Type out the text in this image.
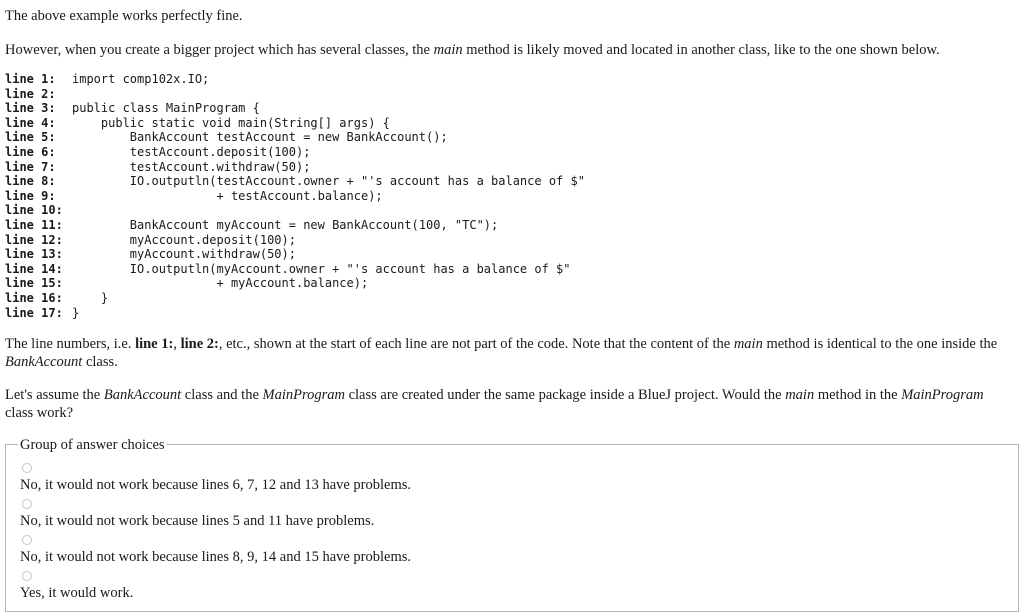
The above example works perfectly fine.
However, when you create a bigger project which has several classes, the main method is likely moved and located in another class, like to the one shown below.
line 1:	import comp102x.IO;
line 2:
line 3:	public class MainProgram {
line 4:	public static void main(String[] args) {
line 5:	BankAccount testAccount = new BankAccount();
line 6:	testAccount.deposit(100);
line 7:	testAccount.withdraw(50);
line 8:	IO.outputln(testAccount.owner + "'s account has a balance of $"
line 9:	+ testAccount.balance);
line 10:
line 11: BankAccount myAccount = new BankAccount(100, "TC");
line 12: myAccount.deposit(100);
line 13: myAccount.withdraw(50);
line 14: IO.outputln(myAccount.owner + "'s account has a balance of $"
line 15: + myAccount.balance);
line 16: }
line 17: }
The line numbers, i.e. line 1:, line 2:, etc., shown at the start of each line are not part of the code. Note that the content of the main method is identical to the one inside the BankAccount class.
Let's assume the BankAccount class and the MainProgram class are created under the same package inside a BlueJ project. Would the main method in the MainProgram class work?
Group of answer choices
No, it would not work because lines 6, 7, 12 and 13 have problems.
No, it would not work because lines 5 and 11 have problems.
No, it would not work because lines 8, 9, 14 and 15 have problems.
Yes, it would work.
